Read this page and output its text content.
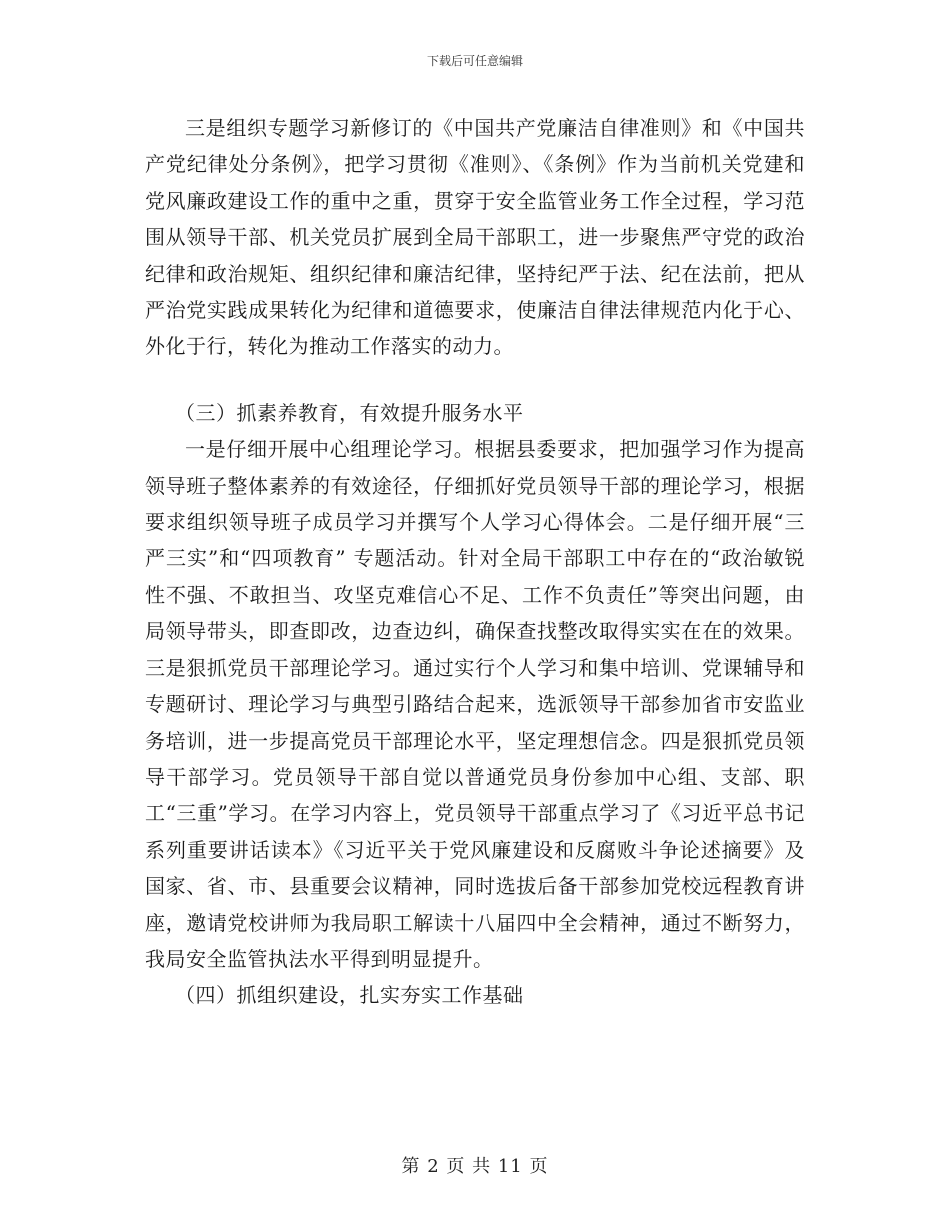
下载后可任意编辑

三是组织专题学习新修订的《中国共产党廉洁自律准则》和《中国共产党纪律处分条例》，把学习贯彻《准则》、《条例》作为当前机关党建和党风廉政建设工作的重中之重，贯穿于安全监管业务工作全过程，学习范围从领导干部、机关党员扩展到全局干部职工，进一步聚焦严守党的政治纪律和政治规矩、组织纪律和廉洁纪律，坚持纪严于法、纪在法前，把从严治党实践成果转化为纪律和道德要求，使廉洁自律法律规范内化于心、外化于行，转化为推动工作落实的动力。

（三）抓素养教育，有效提升服务水平

一是仔细开展中心组理论学习。根据县委要求，把加强学习作为提高领导班子整体素养的有效途径，仔细抓好党员领导干部的理论学习，根据要求组织领导班子成员学习并撰写个人学习心得体会。二是仔细开展“三严三实”和“四项教育” 专题活动。针对全局干部职工中存在的“政治敏锐性不强、不敢担当、攻坚克难信心不足、工作不负责任”等突出问题，由局领导带头，即查即改，边查边纠，确保查找整改取得实实在在的效果。三是狠抓党员干部理论学习。通过实行个人学习和集中培训、党课辅导和专题研讨、理论学习与典型引路结合起来，选派领导干部参加省市安监业务培训，进一步提高党员干部理论水平，坚定理想信念。四是狠抓党员领导干部学习。党员领导干部自觉以普通党员身份参加中心组、支部、职工“三重”学习。在学习内容上，党员领导干部重点学习了《习近平总书记系列重要讲话读本》《习近平关于党风廉建设和反腐败斗争论述摘要》及国家、省、市、县重要会议精神，同时选拔后备干部参加党校远程教育讲座，邀请党校讲师为我局职工解读十八届四中全会精神，通过不断努力，我局安全监管执法水平得到明显提升。

（四）抓组织建设，扎实夯实工作基础

第 2 页 共 11 页
